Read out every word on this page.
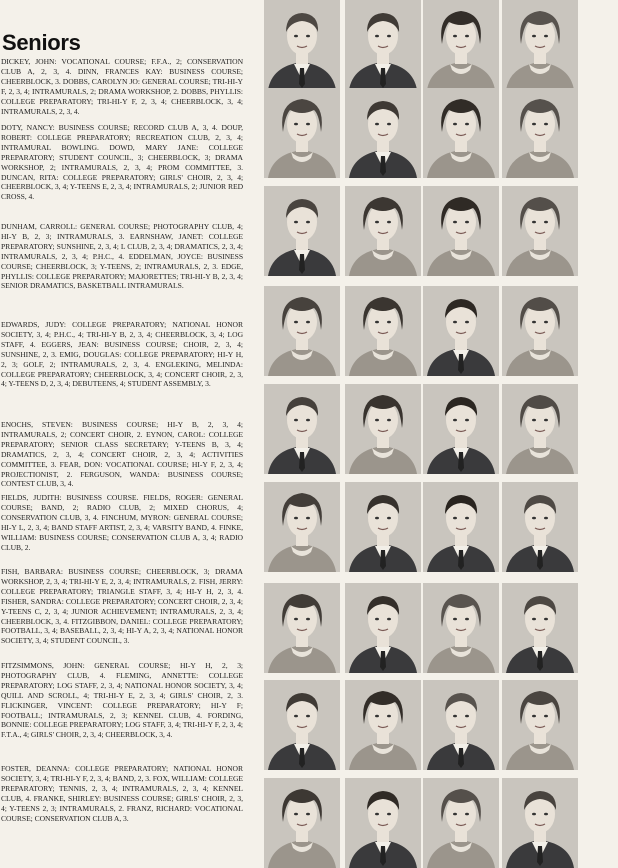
Seniors
DICKEY, JOHN: VOCATIONAL COURSE; F.F.A., 2; CONSERVATION CLUB A, 2, 3, 4. DINN, FRANCES KAY: BUSINESS COURSE; CHEERBLOCK, 3. DOBBS, CAROLYN JO: GENERAL COURSE; TRI-HI-Y F, 2, 3, 4; INTRAMURALS, 2; DRAMA WORKSHOP, 2. DOBBS, PHYLLIS: COLLEGE PREPARATORY; TRI-HI-Y F, 2, 3, 4; CHEERBLOCK, 3, 4; INTRAMURALS, 2, 3, 4.
DOTY, NANCY: BUSINESS COURSE; RECORD CLUB A, 3, 4. DOUP, ROBERT: COLLEGE PREPARATORY; RECREATION CLUB, 2, 3, 4; INTRAMURAL BOWLING. DOWD, MARY JANE: COLLEGE PREPARATORY; STUDENT COUNCIL, 3; CHEERBLOCK, 3; DRAMA WORKSHOP, 2; INTRAMURALS, 2, 3, 4; PROM COMMITTEE, 3. DUNCAN, RITA: COLLEGE PREPARATORY; GIRLS' CHOIR, 2, 3, 4; CHEERBLOCK, 3, 4; Y-TEENS E, 2, 3, 4; INTRAMURALS, 2; JUNIOR RED CROSS, 4.
DUNHAM, CARROLL: GENERAL COURSE; PHOTOGRAPHY CLUB, 4; HI-Y B, 2, 3; INTRAMURALS, 3. EARNSHAW, JANET: COLLEGE PREPARATORY; SUNSHINE, 2, 3, 4; L CLUB, 2, 3, 4; DRAMATICS, 2, 3, 4; INTRAMURALS, 2, 3, 4; P.H.C., 4. EDDELMAN, JOYCE: BUSINESS COURSE; CHEERBLOCK, 3; Y-TEENS, 2; INTRAMURALS, 2, 3. EDGE, PHYLLIS: COLLEGE PREPARATORY; MAJORETTES; TRI-HI-Y B, 2, 3, 4; SENIOR DRAMATICS, BASKETBALL INTRAMURALS.
EDWARDS, JUDY: COLLEGE PREPARATORY; NATIONAL HONOR SOCIETY, 3, 4; P.H.C., 4; TRI-HI-Y B, 2, 3, 4; CHEERBLOCK, 3, 4; LOG STAFF, 4. EGGERS, JEAN: BUSINESS COURSE; CHOIR, 2, 3, 4; SUNSHINE, 2, 3. EMIG, DOUGLAS: COLLEGE PREPARATORY; HI-Y H, 2, 3; GOLF, 2; INTRAMURALS, 2, 3, 4. ENGLEKING, MELINDA: COLLEGE PREPARATORY; CHEERBLOCK, 3, 4; CONCERT CHOIR, 2, 3, 4; Y-TEENS D, 2, 3, 4; DEBUTEENS, 4; STUDENT ASSEMBLY, 3.
ENOCHS, STEVEN: BUSINESS COURSE; HI-Y B, 2, 3, 4; INTRAMURALS, 2; CONCERT CHOIR, 2. EYNON, CAROL: COLLEGE PREPARATORY; SENIOR CLASS SECRETARY; Y-TEENS B, 3, 4; DRAMATICS, 2, 3, 4; CONCERT CHOIR, 2, 3, 4; ACTIVITIES COMMITTEE, 3. FEAR, DON: VOCATIONAL COURSE; HI-Y F, 2, 3, 4; PROJECTIONIST, 2. FERGUSON, WANDA: BUSINESS COURSE; CONTEST CLUB, 3, 4.
FIELDS, JUDITH: BUSINESS COURSE. FIELDS, ROGER: GENERAL COURSE; BAND, 2; RADIO CLUB, 2; MIXED CHORUS, 4; CONSERVATION CLUB, 3, 4. FINCHUM, MYRON: GENERAL COURSE; HI-Y L, 2, 3, 4; BAND STAFF ARTIST, 2, 3, 4; VARSITY BAND, 4. FINKE, WILLIAM: BUSINESS COURSE; CONSERVATION CLUB A, 3, 4; RADIO CLUB, 2.
FISH, BARBARA: BUSINESS COURSE; CHEERBLOCK, 3; DRAMA WORKSHOP, 2, 3, 4; TRI-HI-Y E, 2, 3, 4; INTRAMURALS, 2. FISH, JERRY: COLLEGE PREPARATORY; TRIANGLE STAFF, 3, 4; HI-Y H, 2, 3, 4. FISHER, SANDRA: COLLEGE PREPARATORY; CONCERT CHOIR, 2, 3, 4; Y-TEENS C, 2, 3, 4; JUNIOR ACHIEVEMENT; INTRAMURALS, 2, 3, 4; CHEERBLOCK, 3, 4. FITZGIBBON, DANIEL: COLLEGE PREPARATORY; FOOTBALL, 3, 4; BASEBALL, 2, 3, 4; HI-Y A, 2, 3, 4; NATIONAL HONOR SOCIETY, 3, 4; STUDENT COUNCIL, 3.
FITZSIMMONS, JOHN: GENERAL COURSE; HI-Y H, 2, 3; PHOTOGRAPHY CLUB, 4. FLEMING, ANNETTE: COLLEGE PREPARATORY; LOG STAFF, 2, 3, 4; NATIONAL HONOR SOCIETY, 3, 4; QUILL AND SCROLL, 4; TRI-HI-Y E, 2, 3, 4; GIRLS' CHOIR, 2, 3. FLICKINGER, VINCENT: COLLEGE PREPARATORY; HI-Y F; FOOTBALL; INTRAMURALS, 2, 3; KENNEL CLUB, 4. FORDING, BONNIE: COLLEGE PREPARATORY; LOG STAFF, 3, 4; TRI-HI-Y F, 2, 3, 4; F.T.A., 4; GIRLS' CHOIR, 2, 3, 4; CHEERBLOCK, 3, 4.
FOSTER, DEANNA: COLLEGE PREPARATORY; NATIONAL HONOR SOCIETY, 3, 4; TRI-HI-Y F, 2, 3, 4; BAND, 2, 3. FOX, WILLIAM: COLLEGE PREPARATORY; TENNIS, 2, 3, 4; INTRAMURALS, 2, 3, 4; KENNEL CLUB, 4. FRANKE, SHIRLEY: BUSINESS COURSE; GIRLS' CHOIR, 2, 3, 4; Y-TEENS 2, 3; INTRAMURALS, 2. FRANZ, RICHARD: VOCATIONAL COURSE; CONSERVATION CLUB A, 3.
